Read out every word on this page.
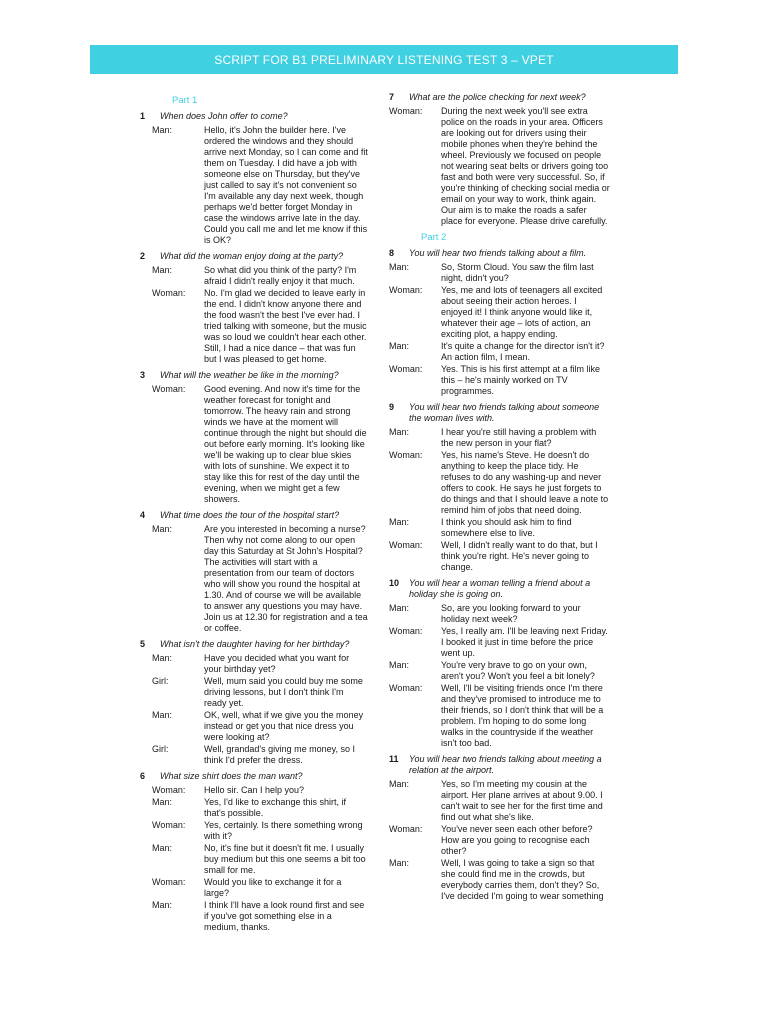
SCRIPT FOR B1 PRELIMINARY LISTENING TEST 3 – VPET
Part 1
1	When does John offer to come?
Man:	Hello, it's John the builder here. I've ordered the windows and they should arrive next Monday, so I can come and fit them on Tuesday. I did have a job with someone else on Thursday, but they've just called to say it's not convenient so I'm available any day next week, though perhaps we'd better forget Monday in case the windows arrive late in the day. Could you call me and let me know if this is OK?
2	What did the woman enjoy doing at the party?
Man:	So what did you think of the party? I'm afraid I didn't really enjoy it that much.
Woman:	No. I'm glad we decided to leave early in the end. I didn't know anyone there and the food wasn't the best I've ever had. I tried talking with someone, but the music was so loud we couldn't hear each other. Still, I had a nice dance – that was fun but I was pleased to get home.
3	What will the weather be like in the morning?
Woman:	Good evening. And now it's time for the weather forecast for tonight and tomorrow. The heavy rain and strong winds we have at the moment will continue through the night but should die out before early morning. It's looking like we'll be waking up to clear blue skies with lots of sunshine. We expect it to stay like this for rest of the day until the evening, when we might get a few showers.
4	What time does the tour of the hospital start?
Man:	Are you interested in becoming a nurse? Then why not come along to our open day this Saturday at St John's Hospital? The activities will start with a presentation from our team of doctors who will show you round the hospital at 1.30. And of course we will be available to answer any questions you may have. Join us at 12.30 for registration and a tea or coffee.
5	What isn't the daughter having for her birthday?
Man:	Have you decided what you want for your birthday yet?
Girl:	Well, mum said you could buy me some driving lessons, but I don't think I'm ready yet.
Man:	OK, well, what if we give you the money instead or get you that nice dress you were looking at?
Girl:	Well, grandad's giving me money, so I think I'd prefer the dress.
6	What size shirt does the man want?
Woman:	Hello sir. Can I help you?
Man:	Yes, I'd like to exchange this shirt, if that's possible.
Woman:	Yes, certainly. Is there something wrong with it?
Man:	No, it's fine but it doesn't fit me. I usually buy medium but this one seems a bit too small for me.
Woman:	Would you like to exchange it for a large?
Man:	I think I'll have a look round first and see if you've got something else in a medium, thanks.
7	What are the police checking for next week?
Woman:	During the next week you'll see extra police on the roads in your area. Officers are looking out for drivers using their mobile phones when they're behind the wheel. Previously we focused on people not wearing seat belts or drivers going too fast and both were very successful. So, if you're thinking of checking social media or email on your way to work, think again. Our aim is to make the roads a safer place for everyone. Please drive carefully.
Part 2
8	You will hear two friends talking about a film.
Man:	So, Storm Cloud. You saw the film last night, didn't you?
Woman:	Yes, me and lots of teenagers all excited about seeing their action heroes. I enjoyed it! I think anyone would like it, whatever their age – lots of action, an exciting plot, a happy ending.
Man:	It's quite a change for the director isn't it? An action film, I mean.
Woman:	Yes. This is his first attempt at a film like this – he's mainly worked on TV programmes.
9	You will hear two friends talking about someone the woman lives with.
Man:	I hear you're still having a problem with the new person in your flat?
Woman:	Yes, his name's Steve. He doesn't do anything to keep the place tidy. He refuses to do any washing-up and never offers to cook. He says he just forgets to do things and that I should leave a note to remind him of jobs that need doing.
Man:	I think you should ask him to find somewhere else to live.
Woman:	Well, I didn't really want to do that, but I think you're right. He's never going to change.
10	You will hear a woman telling a friend about a holiday she is going on.
Man:	So, are you looking forward to your holiday next week?
Woman:	Yes, I really am. I'll be leaving next Friday. I booked it just in time before the price went up.
Man:	You're very brave to go on your own, aren't you? Won't you feel a bit lonely?
Woman:	Well, I'll be visiting friends once I'm there and they've promised to introduce me to their friends, so I don't think that will be a problem. I'm hoping to do some long walks in the countryside if the weather isn't too bad.
11	You will hear two friends talking about meeting a relation at the airport.
Man:	Yes, so I'm meeting my cousin at the airport. Her plane arrives at about 9.00. I can't wait to see her for the first time and find out what she's like.
Woman:	You've never seen each other before? How are you going to recognise each other?
Man:	Well, I was going to take a sign so that she could find me in the crowds, but everybody carries them, don't they? So, I've decided I'm going to wear something
